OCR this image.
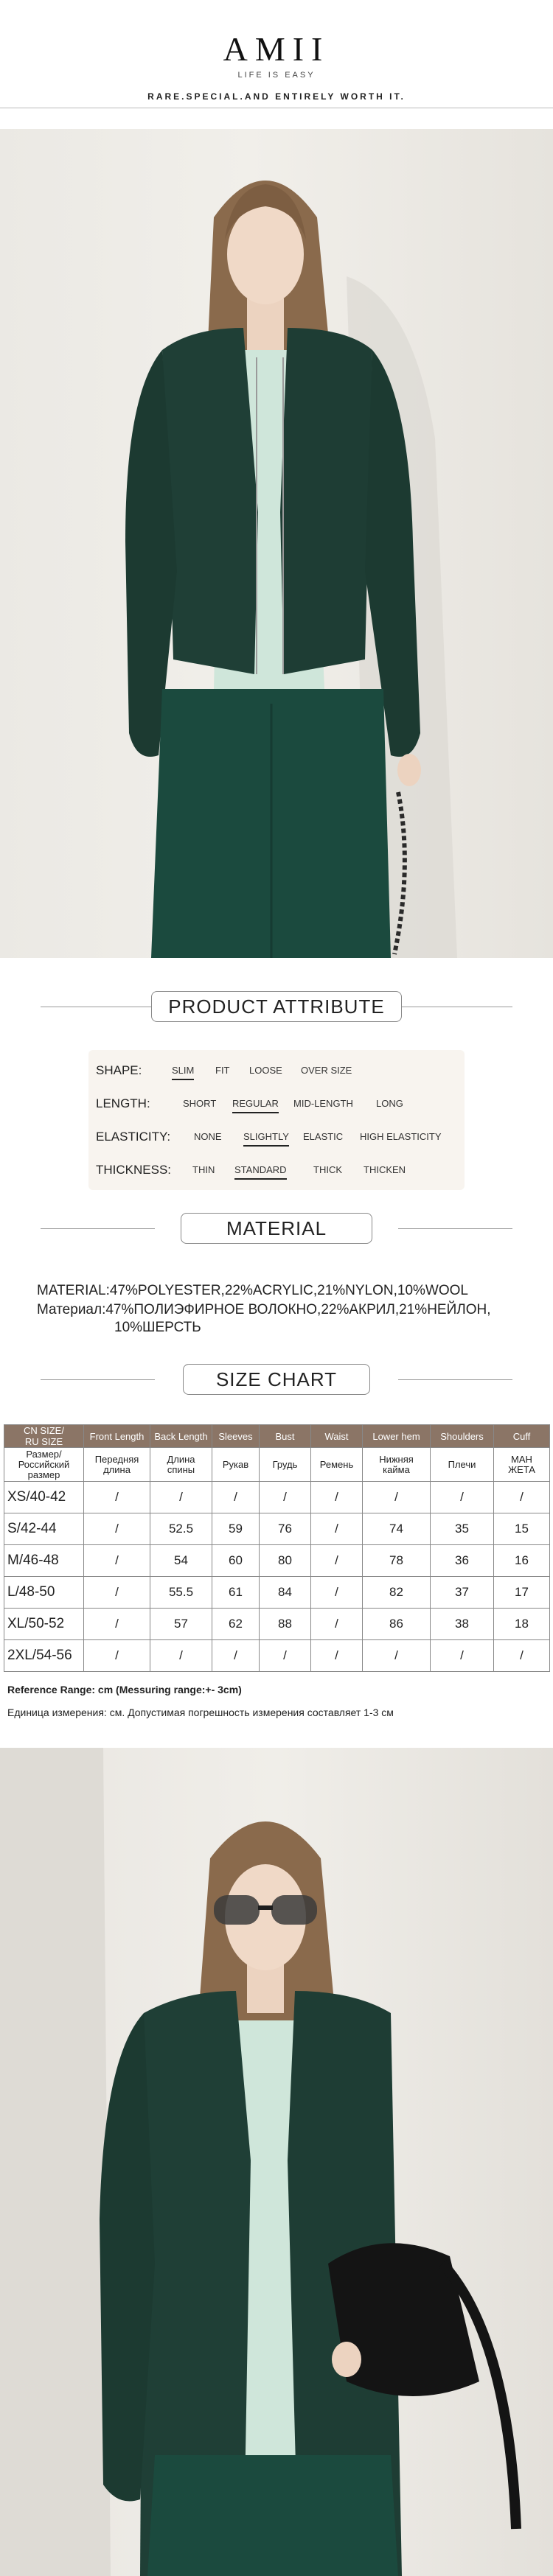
AMII
LIFE IS EASY
RARE.SPECIAL.AND ENTIRELY WORTH IT.
PRODUCT ATTRIBUTE
SHAPE:	SLIM FIT LOOSE OVER SIZE
LENGTH:	SHORT REGULAR MID-LENGTH LONG
ELASTICITY: NONE SLIGHTLY ELASTIC HIGH ELASTICITY
THICKNESS: THIN STANDARD	THICK THICKEN
MATERIAL
MATERIAL:47%POLYESTER,22%ACRYLIC,21%NYLON,10%WOOL
Материал:47%ПОЛИЭФИРНОЕ ВОЛОКНО,22%АКРИЛ,21%НЕЙЛОН,
10%ШЕРСТЬ
SIZE CHART
CN SIZE/
RU SIZE	Front Length	Back Length	Sleeves	Bust	Waist	Lower hem	Shoulders	Cuff
Размер/
Российский
размер	Передняя
длина	Длина
спины	Рукав	Грудь	Ремень	Нижняя
кайма	Плечи	МАН
ЖЕТА
XS/40-42	/	/	/	/	/	/	/	/
S/42-44	/	52.5	59	76	/	74	35	15
M/46-48	/	54	60	80	/	78	36	16
L/48-50	/	55.5	61	84	/	82	37	17
XL/50-52	/	57	62	88	/	86	38	18
2XL/54-56	/	/	/	/	/	/	/	/
Reference Range: cm (Messuring range:+- 3cm)
Единица измерения: см. Допустимая погрешность измерения составляет 1-3 см
